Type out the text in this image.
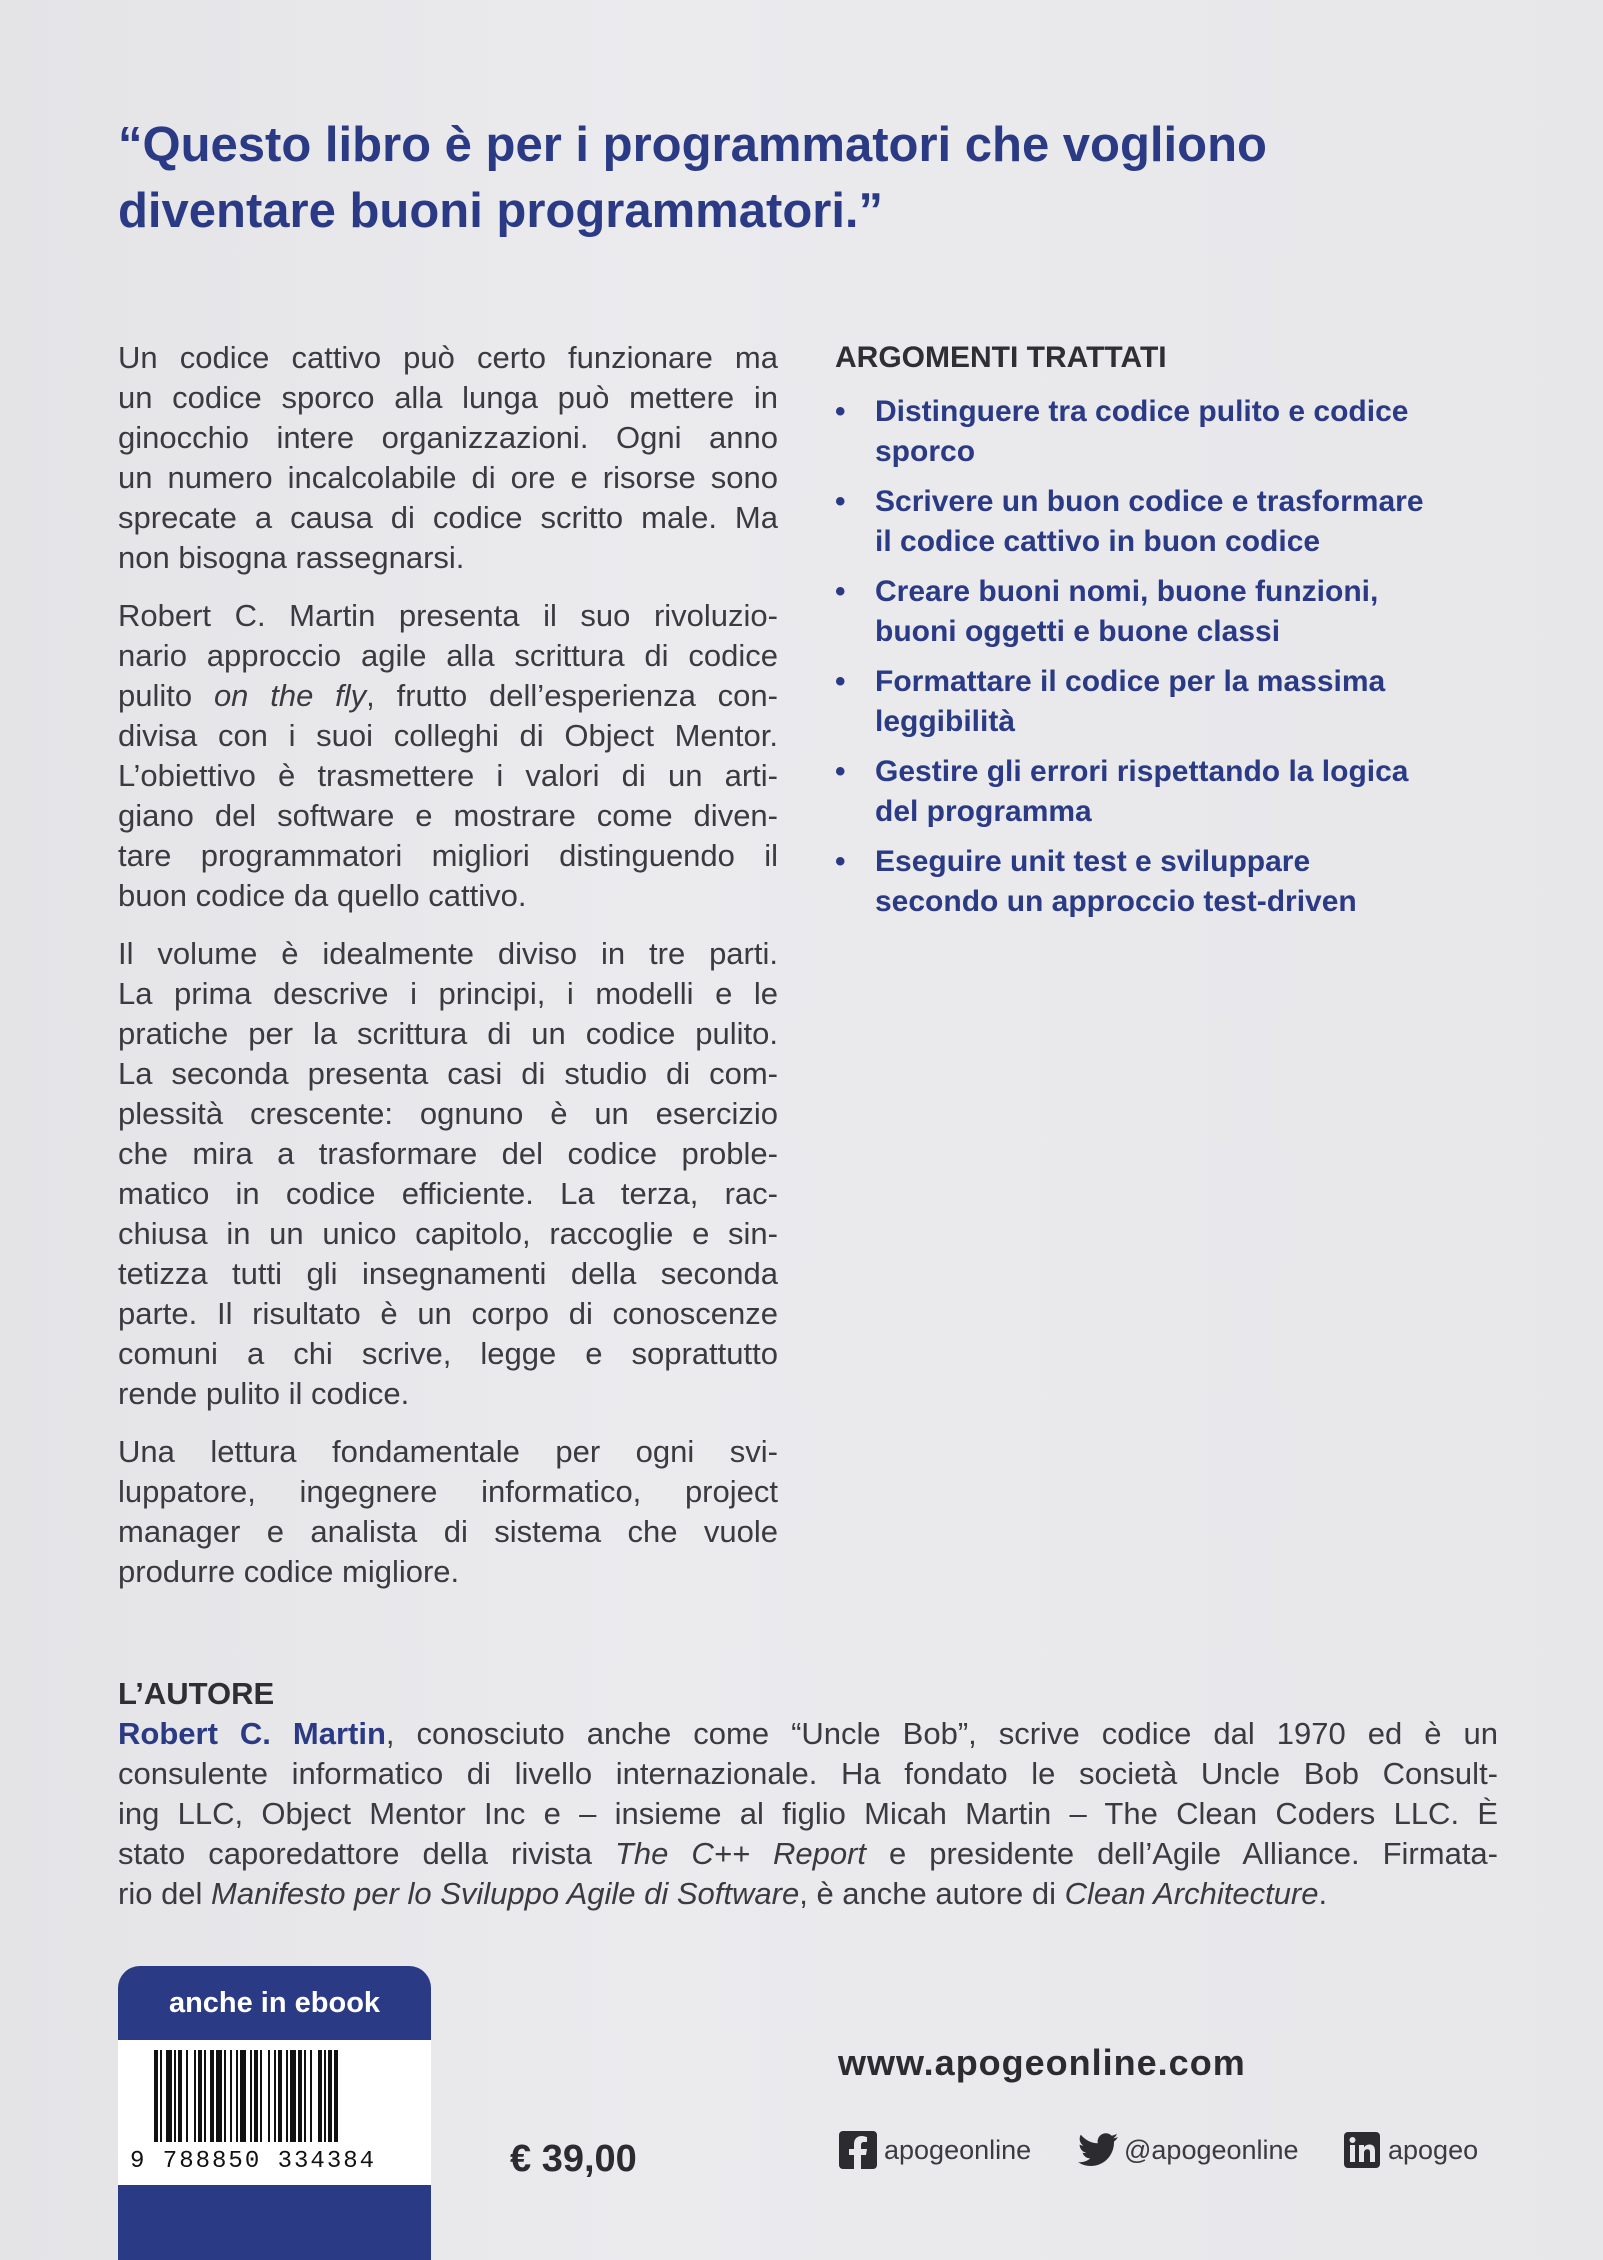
“Questo libro è per i programmatori che vogliono
diventare buoni programmatori.”

Un codice cattivo può certo funzionare ma
un codice sporco alla lunga può mettere in
ginocchio intere organizzazioni. Ogni anno
un numero incalcolabile di ore e risorse sono
sprecate a causa di codice scritto male. Ma
non bisogna rassegnarsi.

Robert C. Martin presenta il suo rivoluzio-
nario approccio agile alla scrittura di codice
pulito on the fly, frutto dell’esperienza con-
divisa con i suoi colleghi di Object Mentor.
L’obiettivo è trasmettere i valori di un arti-
giano del software e mostrare come diven-
tare programmatori migliori distinguendo il
buon codice da quello cattivo.

Il volume è idealmente diviso in tre parti.
La prima descrive i principi, i modelli e le
pratiche per la scrittura di un codice pulito.
La seconda presenta casi di studio di com-
plessità crescente: ognuno è un esercizio
che mira a trasformare del codice proble-
matico in codice efficiente. La terza, rac-
chiusa in un unico capitolo, raccoglie e sin-
tetizza tutti gli insegnamenti della seconda
parte. Il risultato è un corpo di conoscenze
comuni a chi scrive, legge e soprattutto
rende pulito il codice.

Una lettura fondamentale per ogni svi-
luppatore, ingegnere informatico, project
manager e analista di sistema che vuole
produrre codice migliore.

ARGOMENTI TRATTATI
• Distinguere tra codice pulito e codice
sporco
• Scrivere un buon codice e trasformare
il codice cattivo in buon codice
• Creare buoni nomi, buone funzioni,
buoni oggetti e buone classi
• Formattare il codice per la massima
leggibilità
• Gestire gli errori rispettando la logica
del programma
• Eseguire unit test e sviluppare
secondo un approccio test-driven

L’AUTORE

Robert C. Martin, conosciuto anche come “Uncle Bob”, scrive codice dal 1970 ed è un
consulente informatico di livello internazionale. Ha fondato le società Uncle Bob Consult-
ing LLC, Object Mentor Inc e – insieme al figlio Micah Martin – The Clean Coders LLC. È
stato caporedattore della rivista The C++ Report e presidente dell’Agile Alliance. Firmata-
rio del Manifesto per lo Sviluppo Agile di Software, è anche autore di Clean Architecture.
anche in ebook
9 788850 334384	€ 39,00
www.apogeonline.com
apogeonline	@apogeonline	apogeo
